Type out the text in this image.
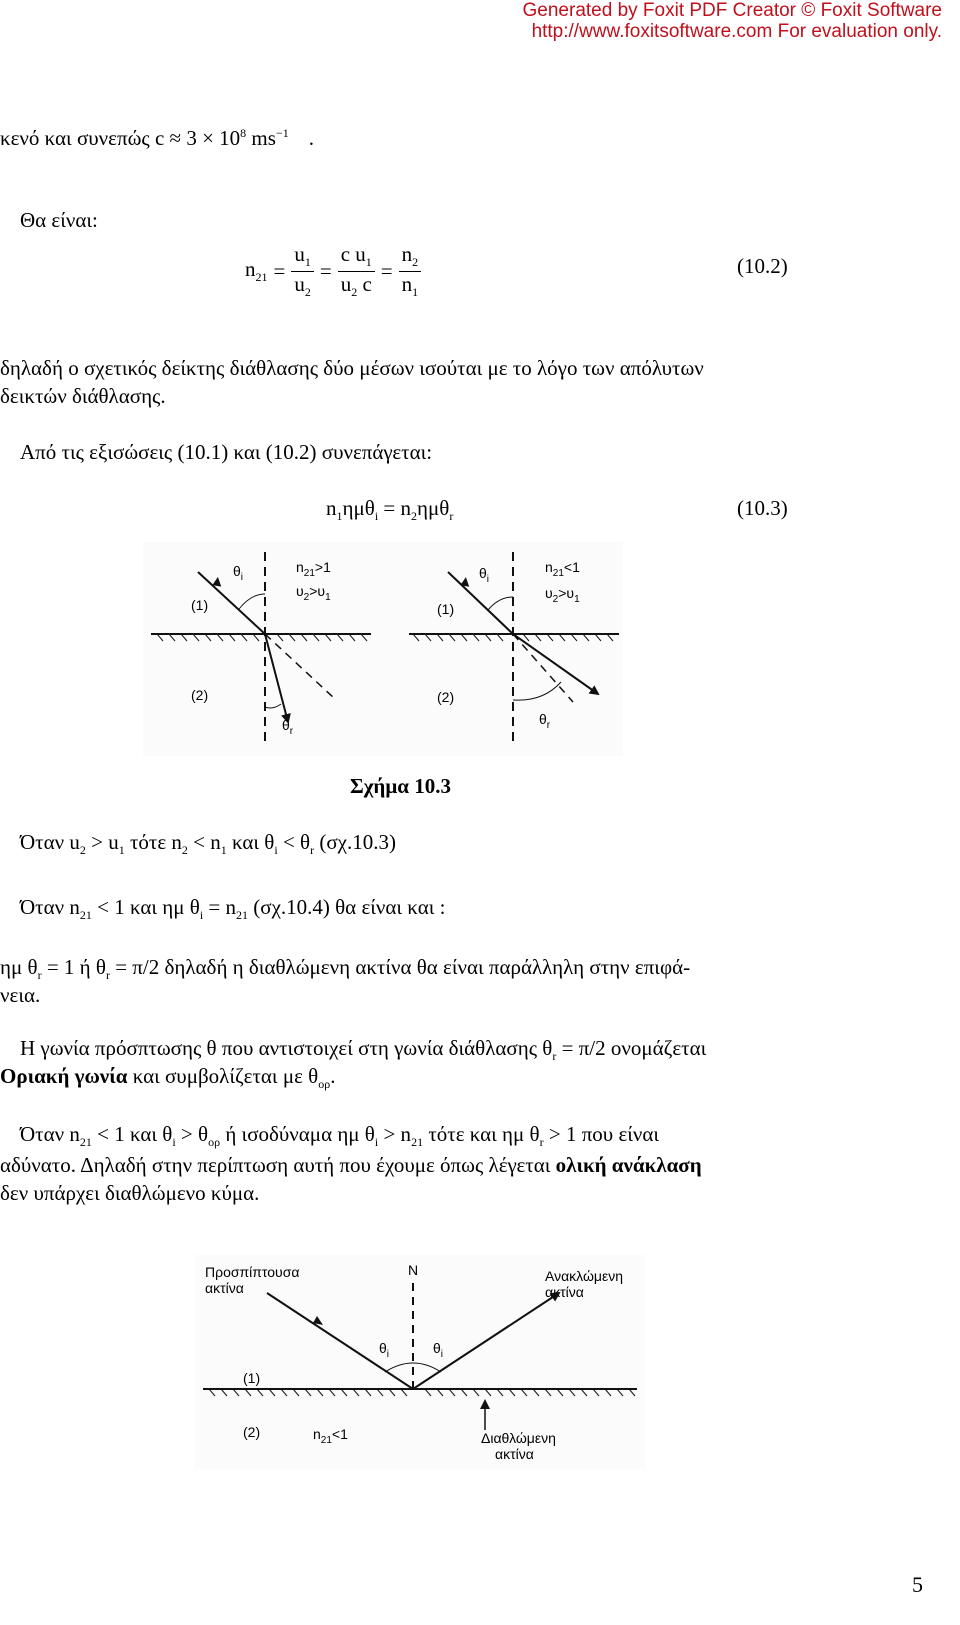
Generated by Foxit PDF Creator © Foxit Software
http://www.foxitsoftware.com For evaluation only.
κενό και συνεπώς $c \approx 3 \times 10^8$ $ms^{-1}$ .
Θα είναι:
$n_{21} = \frac{u_1}{u_2} = \frac{c u_1}{u_2 c} = \frac{n_2}{n_1}$	(10.2)
δηλαδή ο σχετικός δείκτης διάθλασης δύο μέσων ισούται με το λόγο των απόλυτων
δεικτών διάθλασης.
Από τις εξισώσεις (10.1) και (10.2) συνεπάγεται:
$n_1\eta\mu\theta_i = n_2\eta\mu\theta_r$	(10.3)
$\theta_i$
$n_{21}>1$
$\upsilon_2>\upsilon_1$
(1)
(2)
$\theta_r$
$\theta_i$
$n_{21}<1$
$\upsilon_2>\upsilon_1$
(1)
(2)
$\theta_r$
Σχήμα 10.3
Όταν $u_2 > u_1$ τότε $n_2 < n_1$ και $\theta_i < \theta_r$ (σχ.10.3)
Όταν $n_{21} < 1$ και ημ $\theta_i = n_{21}$ (σχ.10.4) θα είναι και :
ημ $\theta_r = 1$ ή $\theta_r = \pi/2$ δηλαδή η διαθλώμενη ακτίνα θα είναι παράλληλη στην επιφά-
νεια.
Η γωνία πρόσπτωσης θ που αντιστοιχεί στη γωνία διάθλασης $\theta_r = \pi/2$ ονομάζεται
Οριακή γωνία και συμβολίζεται με $\theta_{o\rho}$.
Όταν $n_{21} < 1$ και $\theta_i > \theta_{o\rho}$ ή ισοδύναμα ημ $\theta_i > n_{21}$ τότε και ημ $\theta_r > 1$ που είναι
αδύνατο. Δηλαδή στην περίπτωση αυτή που έχουμε όπως λέγεται ολική ανάκλαση
δεν υπάρχει διαθλώμενο κύμα.
Προσπίπτουσα
ακτίνα
N	Ανακλώμενη
ακτίνα
$\theta_i$	$\theta_i$
(1)
(2)	$n_{21}<1$	Διαθλώμενη
ακτίνα
5
